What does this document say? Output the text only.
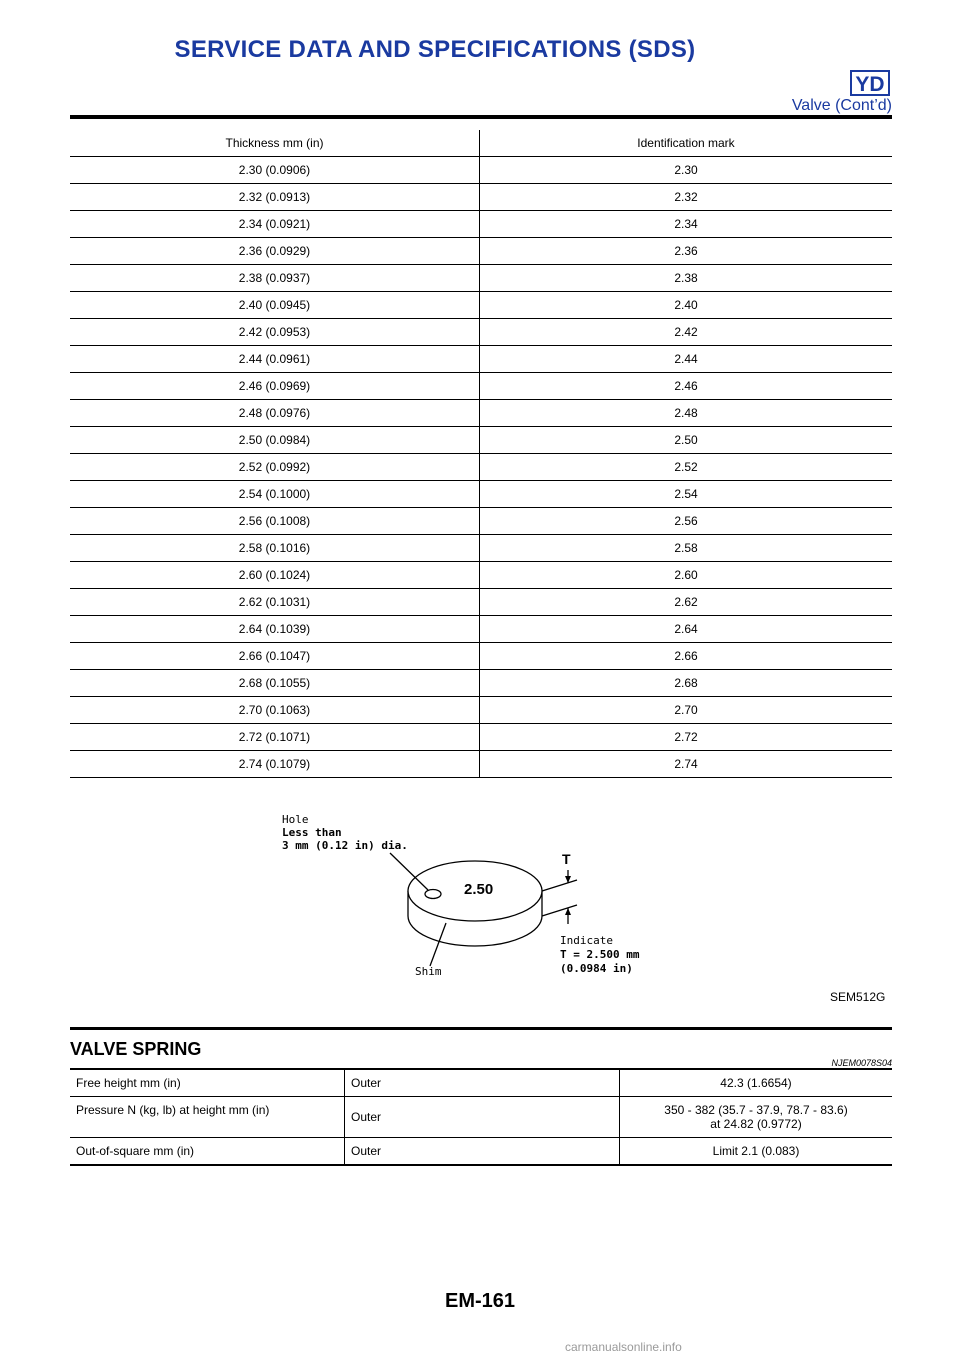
SERVICE DATA AND SPECIFICATIONS (SDS)
YD
Valve (Cont’d)
Thickness mm (in)	Identification mark
2.30 (0.0906)	2.30
2.32 (0.0913)	2.32
2.34 (0.0921)	2.34
2.36 (0.0929)	2.36
2.38 (0.0937)	2.38
2.40 (0.0945)	2.40
2.42 (0.0953)	2.42
2.44 (0.0961)	2.44
2.46 (0.0969)	2.46
2.48 (0.0976)	2.48
2.50 (0.0984)	2.50
2.52 (0.0992)	2.52
2.54 (0.1000)	2.54
2.56 (0.1008)	2.56
2.58 (0.1016)	2.58
2.60 (0.1024)	2.60
2.62 (0.1031)	2.62
2.64 (0.1039)	2.64
2.66 (0.1047)	2.66
2.68 (0.1055)	2.68
2.70 (0.1063)	2.70
2.72 (0.1071)	2.72
2.74 (0.1079)	2.74
Hole
Less than
3 mm (0.12 in) dia.
2.50
T
Indicate
T = 2.500 mm
(0.0984 in)
Shim
SEM512G
VALVE SPRING
NJEM0078S04
Free height mm (in)	Outer	42.3 (1.6654)
Pressure N (kg, lb) at height mm (in)	Outer	350 - 382 (35.7 - 37.9, 78.7 - 83.6) at 24.82 (0.9772)
Out-of-square mm (in)	Outer	Limit 2.1 (0.083)
EM-161
carmanualsonline.info
